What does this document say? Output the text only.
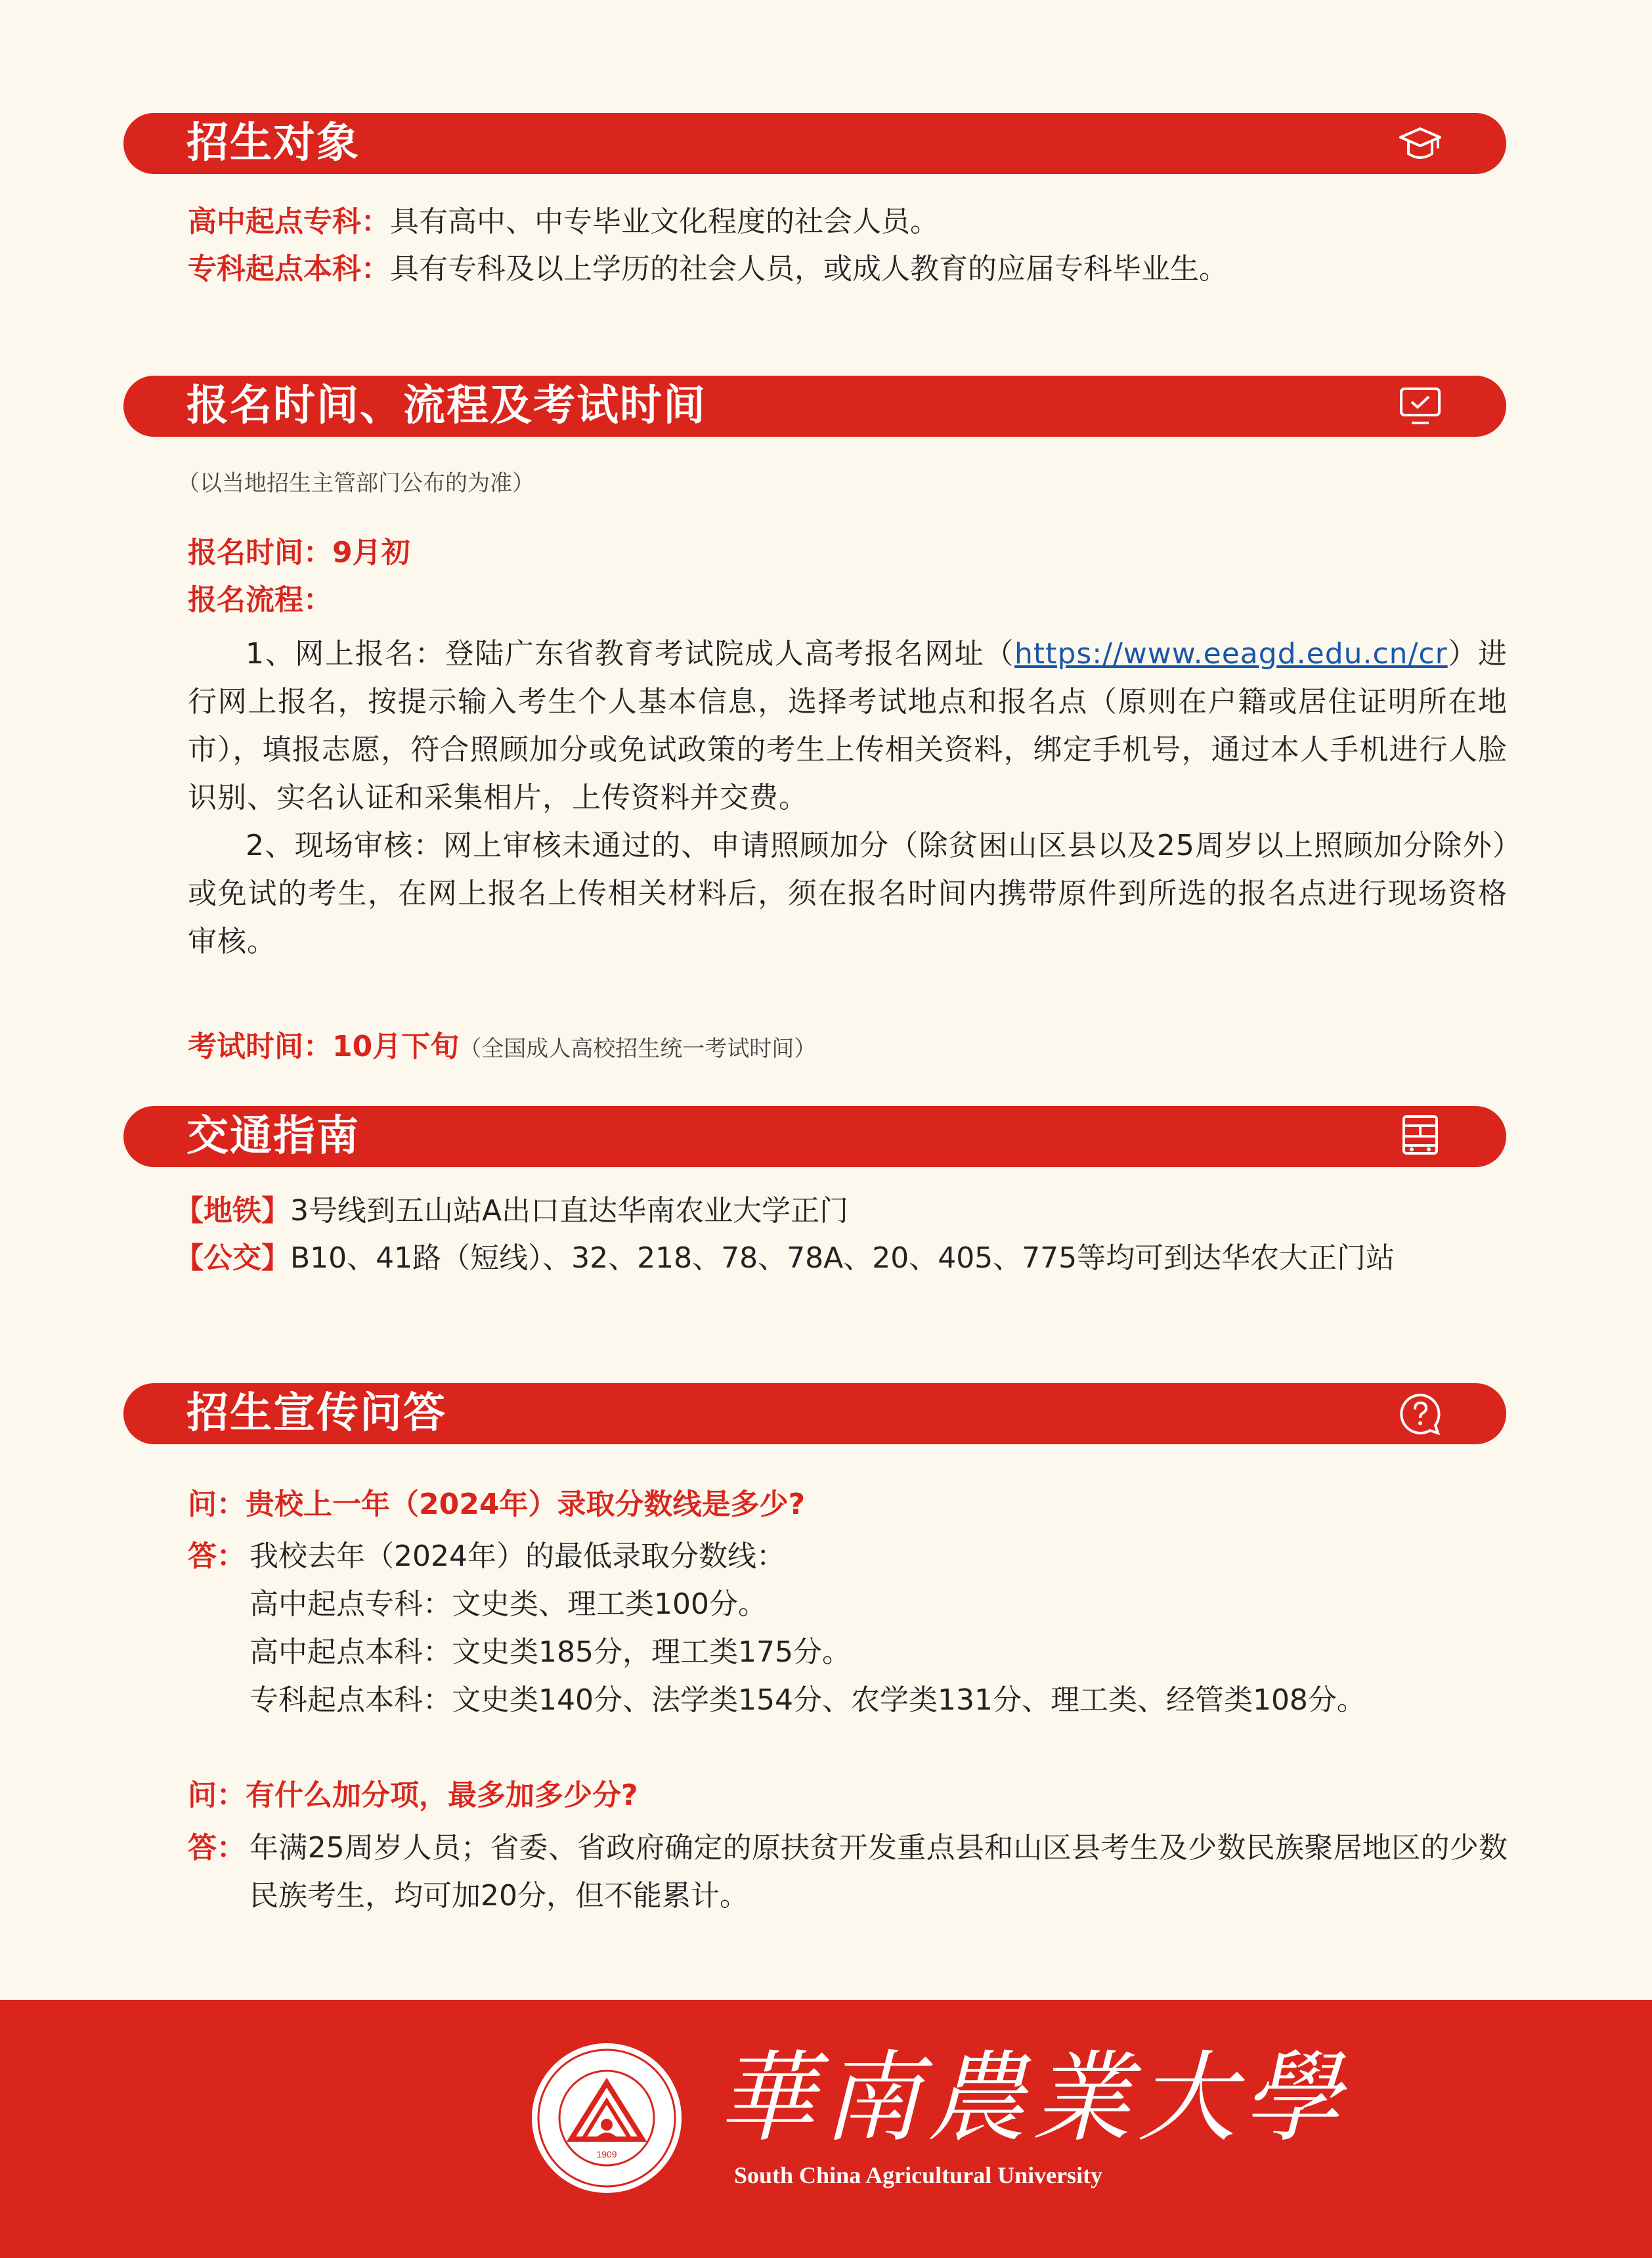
招生对象
高中起点专科：具有高中、中专毕业文化程度的社会人员。
专科起点本科：具有专科及以上学历的社会人员，或成人教育的应届专科毕业生。
报名时间、流程及考试时间
（以当地招生主管部门公布的为准）
报名时间：9月初
报名流程：

1、网上报名：登陆广东省教育考试院成人高考报名网址（https://www.eeagd.edu.cn/cr）进行网上报名，按提示输入考生个人基本信息，选择考试地点和报名点（原则在户籍或居住证明所在地市），填报志愿，符合照顾加分或免试政策的考生上传相关资料，绑定手机号，通过本人手机进行人脸识别、实名认证和采集相片，上传资料并交费。

2、现场审核：网上审核未通过的、申请照顾加分（除贫困山区县以及25周岁以上照顾加分除外）或免试的考生，在网上报名上传相关材料后，须在报名时间内携带原件到所选的报名点进行现场资格审核。

考试时间：10月下旬（全国成人高校招生统一考试时间）
交通指南
【地铁】3号线到五山站A出口直达华南农业大学正门
【公交】B10、41路（短线）、32、218、78、78A、20、405、775等均可到达华农大正门站
招生宣传问答
问：贵校上一年（2024年）录取分数线是多少?
答： 我校去年（2024年）的最低录取分数线：
高中起点专科：文史类、理工类100分。
高中起点本科：文史类185分，理工类175分。
专科起点本科：文史类140分、法学类154分、农学类131分、理工类、经管类108分。
问：有什么加分项，最多加多少分?
答： 年满25周岁人员；省委、省政府确定的原扶贫开发重点县和山区县考生及少数民族聚居地区的少数民族考生，均可加20分，但不能累计。
1909 華南農業大學
South China Agricultural University
